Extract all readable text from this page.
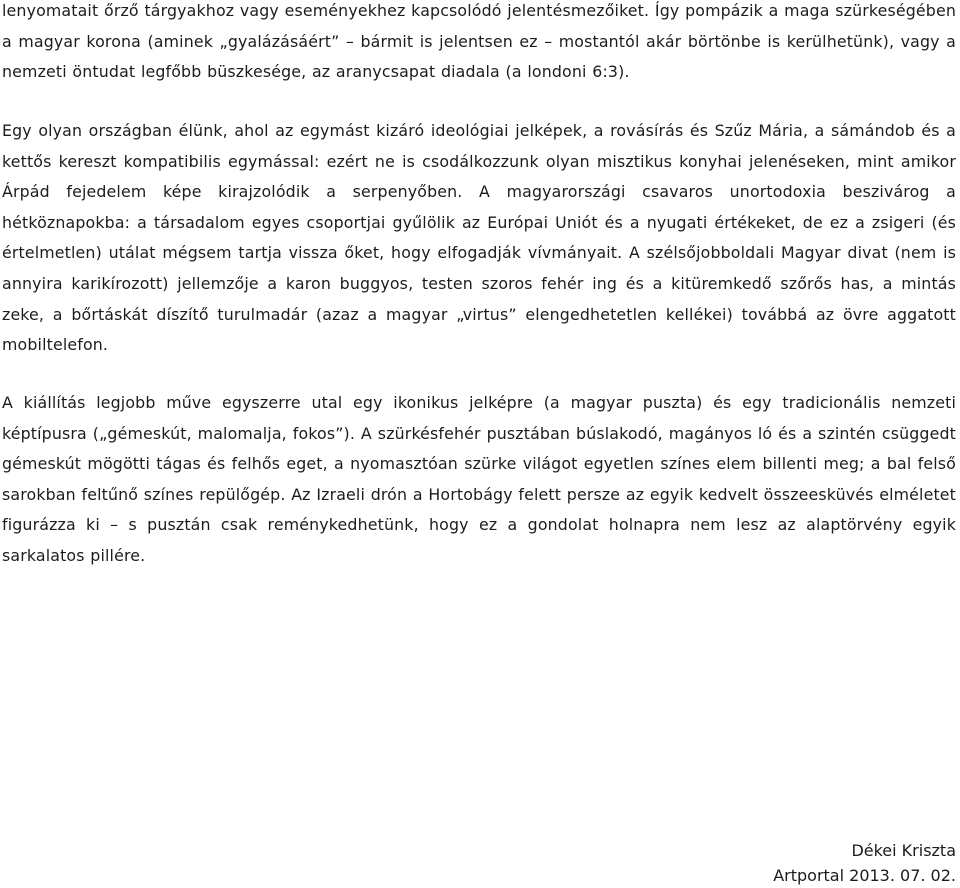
lenyomatait őrző tárgyakhoz vagy eseményekhez kapcsolódó jelentésmezőiket. Így pompázik a maga szürkeségében a magyar korona (aminek „gyalázásáért” – bármit is jelentsen ez – mostantól akár börtönbe is kerülhetünk), vagy a nemzeti öntudat legfőbb büszkesége, az aranycsapat diadala (a londoni 6:3).

Egy olyan országban élünk, ahol az egymást kizáró ideológiai jelképek, a rovásírás és Szűz Mária, a sámándob és a kettős kereszt kompatibilis egymással: ezért ne is csodálkozzunk olyan misztikus konyhai jelenéseken, mint amikor Árpád fejedelem képe kirajzolódik a serpenyőben. A magyarországi csavaros unortodoxia beszivárog a hétköznapokba: a társadalom egyes csoportjai gyűlölik az Európai Uniót és a nyugati értékeket, de ez a zsigeri (és értelmetlen) utálat mégsem tartja vissza őket, hogy elfogadják vívmányait. A szélsőjobboldali Magyar divat (nem is annyira karikírozott) jellemzője a karon buggyos, testen szoros fehér ing és a kitüremkedő szőrős has, a mintás zeke, a bőrtáskát díszítő turulmadár (azaz a magyar „virtus” elengedhetetlen kellékei) továbbá az övre aggatott mobiltelefon.

A kiállítás legjobb műve egyszerre utal egy ikonikus jelképre (a magyar puszta) és egy tradicionális nemzeti képtípusra („gémeskút, malomalja, fokos”). A szürkésfehér pusztában búslakodó, magányos ló és a szintén csüggedt gémeskút mögötti tágas és felhős eget, a nyomasztóan szürke világot egyetlen színes elem billenti meg; a bal felső sarokban feltűnő színes repülőgép. Az Izraeli drón a Hortobágy felett persze az egyik kedvelt összeesküvés elméletet figurázza ki – s pusztán csak reménykedhetünk, hogy ez a gondolat holnapra nem lesz az alaptörvény egyik sarkalatos pillére.

Dékei Kriszta

Artportal 2013. 07. 02.
